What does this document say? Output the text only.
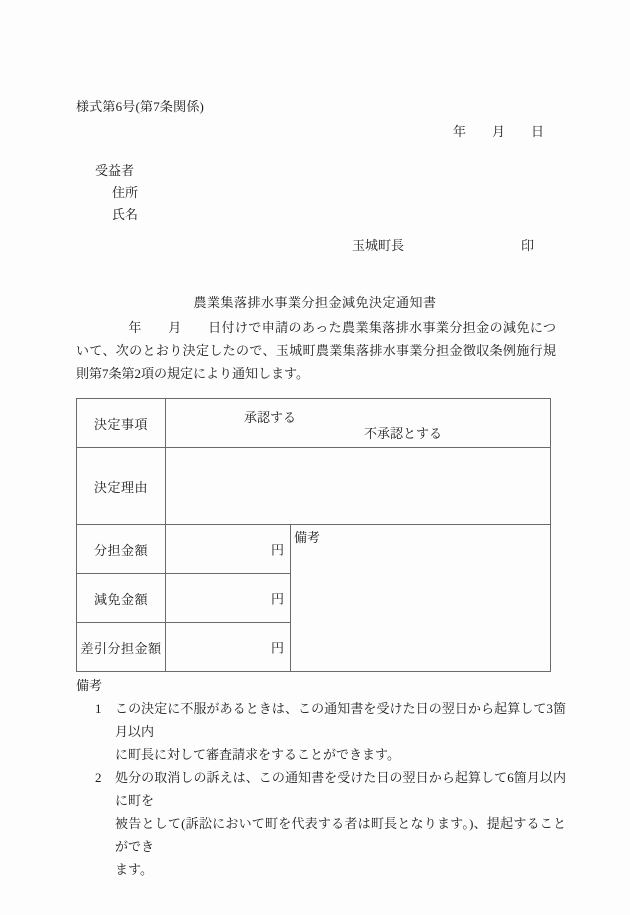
様式第6号(第7条関係)

年 月 日

受益者
住所
氏名
玉城町長	印
農業集落排水事業分担金減免決定通知書
年 月 日付けで申請のあった農業集落排水事業分担金の減免について、次のとおり決定したので、玉城町農業集落排水事業分担金徴収条例施行規則第7条第2項の規定により通知します。
決定事項	承認する

不承認とする	

決定理由		
分担金額	円	備考

減免金額	円	

差引分担金額	円	
備考
1 この決定に不服があるときは、この通知書を受けた日の翌日から起算して3箇月以内
に町長に対して審査請求をすることができます。
2 処分の取消しの訴えは、この通知書を受けた日の翌日から起算して6箇月以内に町を
被告として(訴訟において町を代表する者は町長となります。)、提起することができ
ます。
